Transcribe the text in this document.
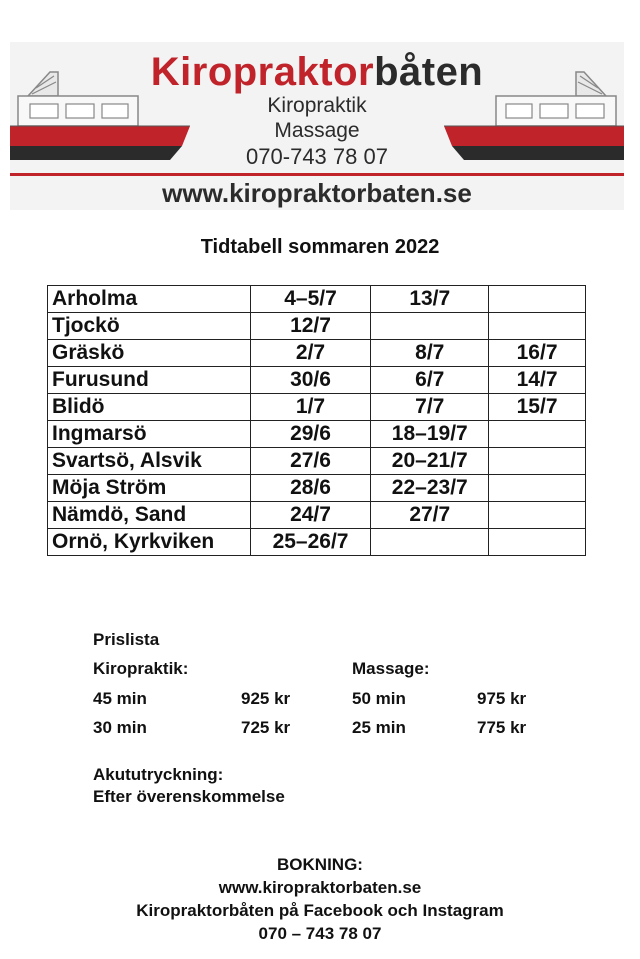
Kiropraktorbåten
Kiropraktik
Massage
070-743 78 07
www.kiropraktorbaten.se
Tidtabell sommaren 2022
Arholma	4–5/7	13/7	
Tjockö	12/7		
Gräskö	2/7	8/7	16/7
Furusund	30/6	6/7	14/7
Blidö	1/7	7/7	15/7
Ingmarsö	29/6	18–19/7	
Svartsö, Alsvik	27/6	20–21/7	
Möja Ström	28/6	22–23/7	
Nämdö, Sand	24/7	27/7	
Ornö, Kyrkviken	25–26/7		
Prislista
Kiropraktik:	Massage:
45 min	925 kr	50 min	975 kr
30 min	725 kr	25 min	775 kr
Akututryckning:
Efter överenskommelse
BOKNING:
www.kiropraktorbaten.se
Kiropraktorbåten på Facebook och Instagram
070 – 743 78 07
